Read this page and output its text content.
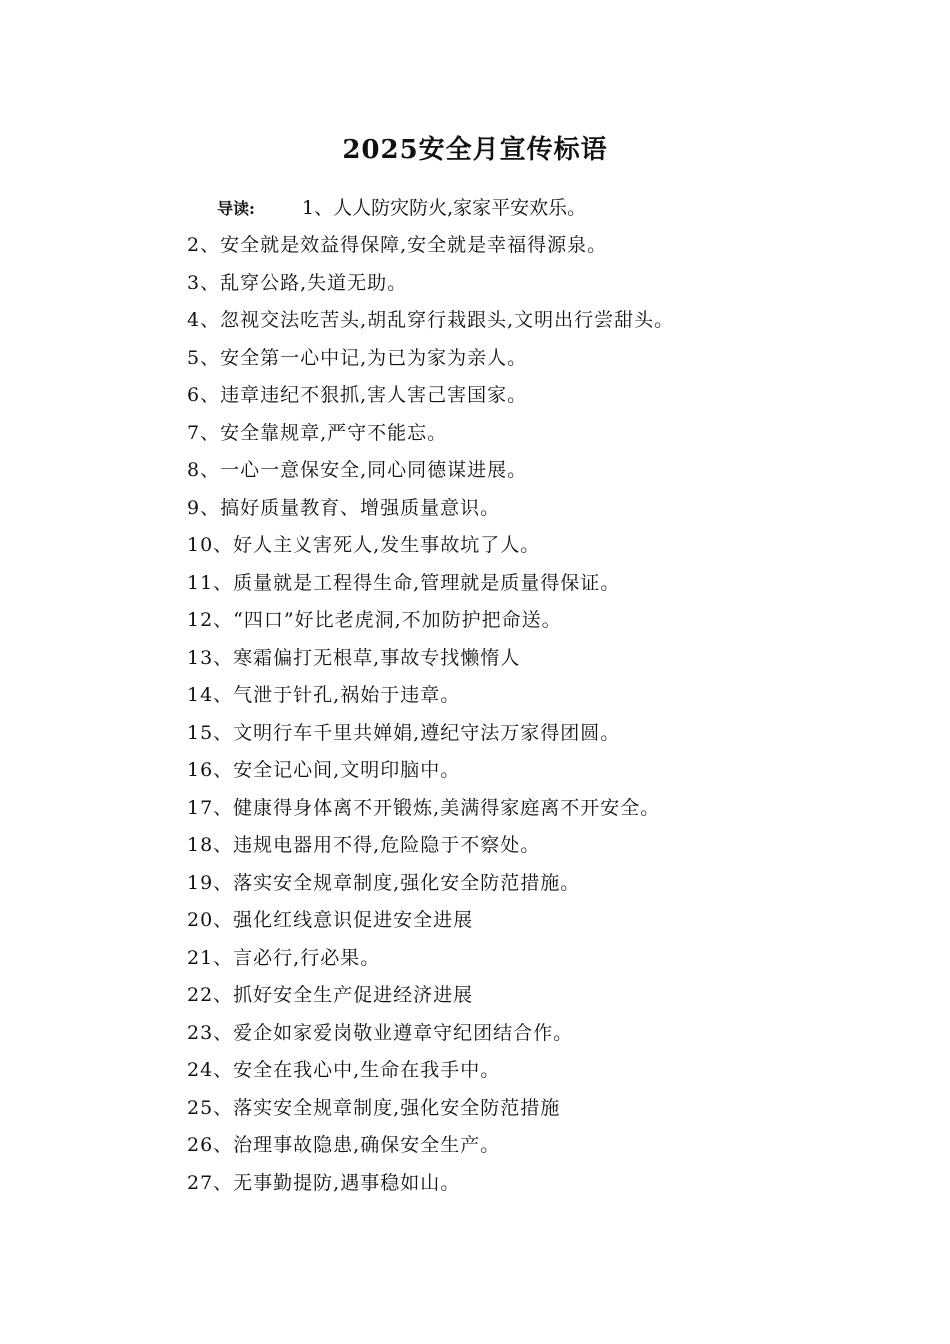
2025安全月宣传标语
导读: 1、人人防灾防火,家家平安欢乐。
2、安全就是效益得保障,安全就是幸福得源泉。
3、乱穿公路,失道无助。
4、忽视交法吃苦头,胡乱穿行栽跟头,文明出行尝甜头。
5、安全第一心中记,为已为家为亲人。
6、违章违纪不狠抓,害人害己害国家。
7、安全靠规章,严守不能忘。
8、一心一意保安全,同心同德谋进展。
9、搞好质量教育、增强质量意识。
10、好人主义害死人,发生事故坑了人。
11、质量就是工程得生命,管理就是质量得保证。
12、“四口”好比老虎洞,不加防护把命送。
13、寒霜偏打无根草,事故专找懒惰人
14、气泄于针孔,祸始于违章。
15、文明行车千里共婵娟,遵纪守法万家得团圆。
16、安全记心间,文明印脑中。
17、健康得身体离不开锻炼,美满得家庭离不开安全。
18、违规电器用不得,危险隐于不察处。
19、落实安全规章制度,强化安全防范措施。
20、强化红线意识促进安全进展
21、言必行,行必果。
22、抓好安全生产促进经济进展
23、爱企如家爱岗敬业遵章守纪团结合作。
24、安全在我心中,生命在我手中。
25、落实安全规章制度,强化安全防范措施
26、治理事故隐患,确保安全生产。
27、无事勤提防,遇事稳如山。
